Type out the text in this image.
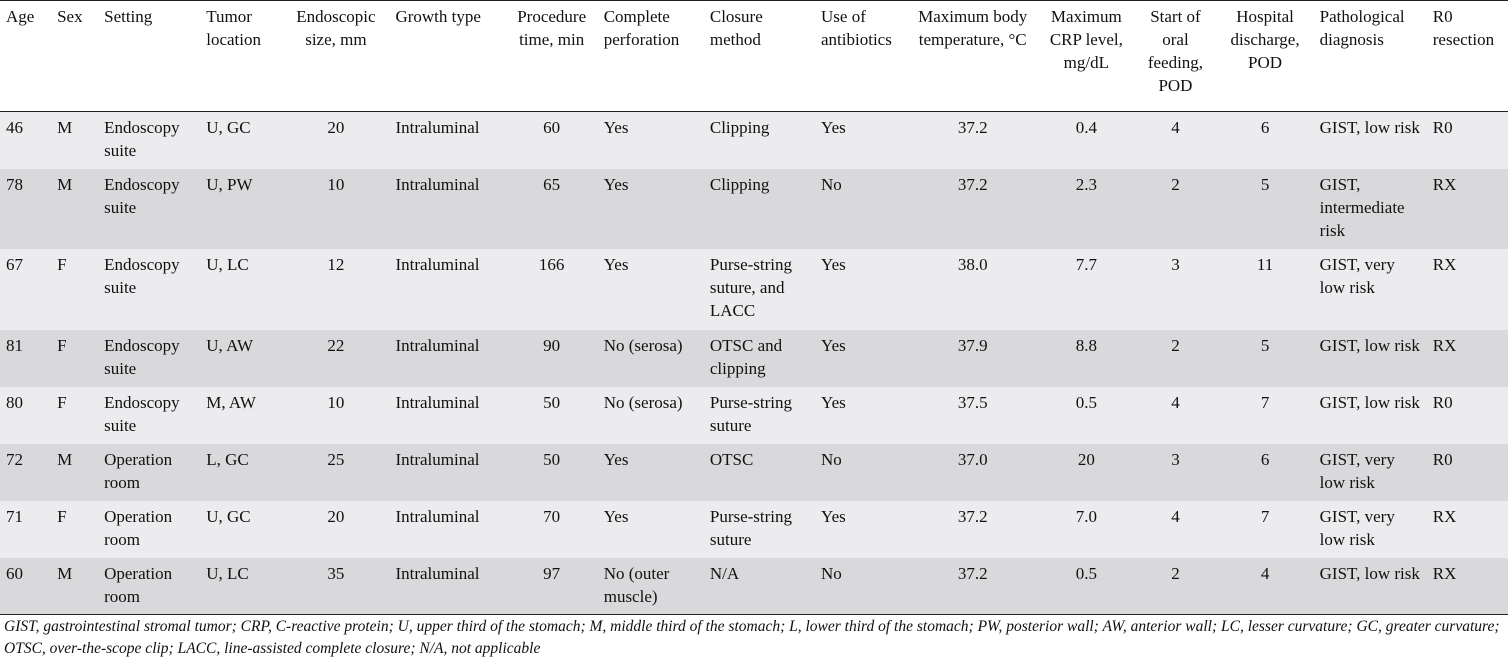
Age	Sex	Setting	Tumor location	Endoscopic size, mm	Growth type	Procedure time, min	Complete perforation	Closure method	Use of antibiotics	Maximum body temperature, °C	Maximum CRP level, mg/dL	Start of oral feeding, POD	Hospital discharge, POD	Pathological diagnosis	R0 resection
46	M	Endoscopy suite	U, GC	20	Intraluminal	60	Yes	Clipping	Yes	37.2	0.4	4	6	GIST, low risk	R0
78	M	Endoscopy suite	U, PW	10	Intraluminal	65	Yes	Clipping	No	37.2	2.3	2	5	GIST, intermediate risk	RX
67	F	Endoscopy suite	U, LC	12	Intraluminal	166	Yes	Purse-string suture, and LACC	Yes	38.0	7.7	3	11	GIST, very low risk	RX
81	F	Endoscopy suite	U, AW	22	Intraluminal	90	No (serosa)	OTSC and clipping	Yes	37.9	8.8	2	5	GIST, low risk	RX
80	F	Endoscopy suite	M, AW	10	Intraluminal	50	No (serosa)	Purse-string suture	Yes	37.5	0.5	4	7	GIST, low risk	R0
72	M	Operation room	L, GC	25	Intraluminal	50	Yes	OTSC	No	37.0	20	3	6	GIST, very low risk	R0
71	F	Operation room	U, GC	20	Intraluminal	70	Yes	Purse-string suture	Yes	37.2	7.0	4	7	GIST, very low risk	RX
60	M	Operation room	U, LC	35	Intraluminal	97	No (outer muscle)	N/A	No	37.2	0.5	2	4	GIST, low risk	RX
GIST, gastrointestinal stromal tumor; CRP, C-reactive protein; U, upper third of the stomach; M, middle third of the stomach; L, lower third of the stomach; PW, posterior wall; AW, anterior wall; LC, lesser curvature; GC, greater curvature; OTSC, over-the-scope clip; LACC, line-assisted complete closure; N/A, not applicable
